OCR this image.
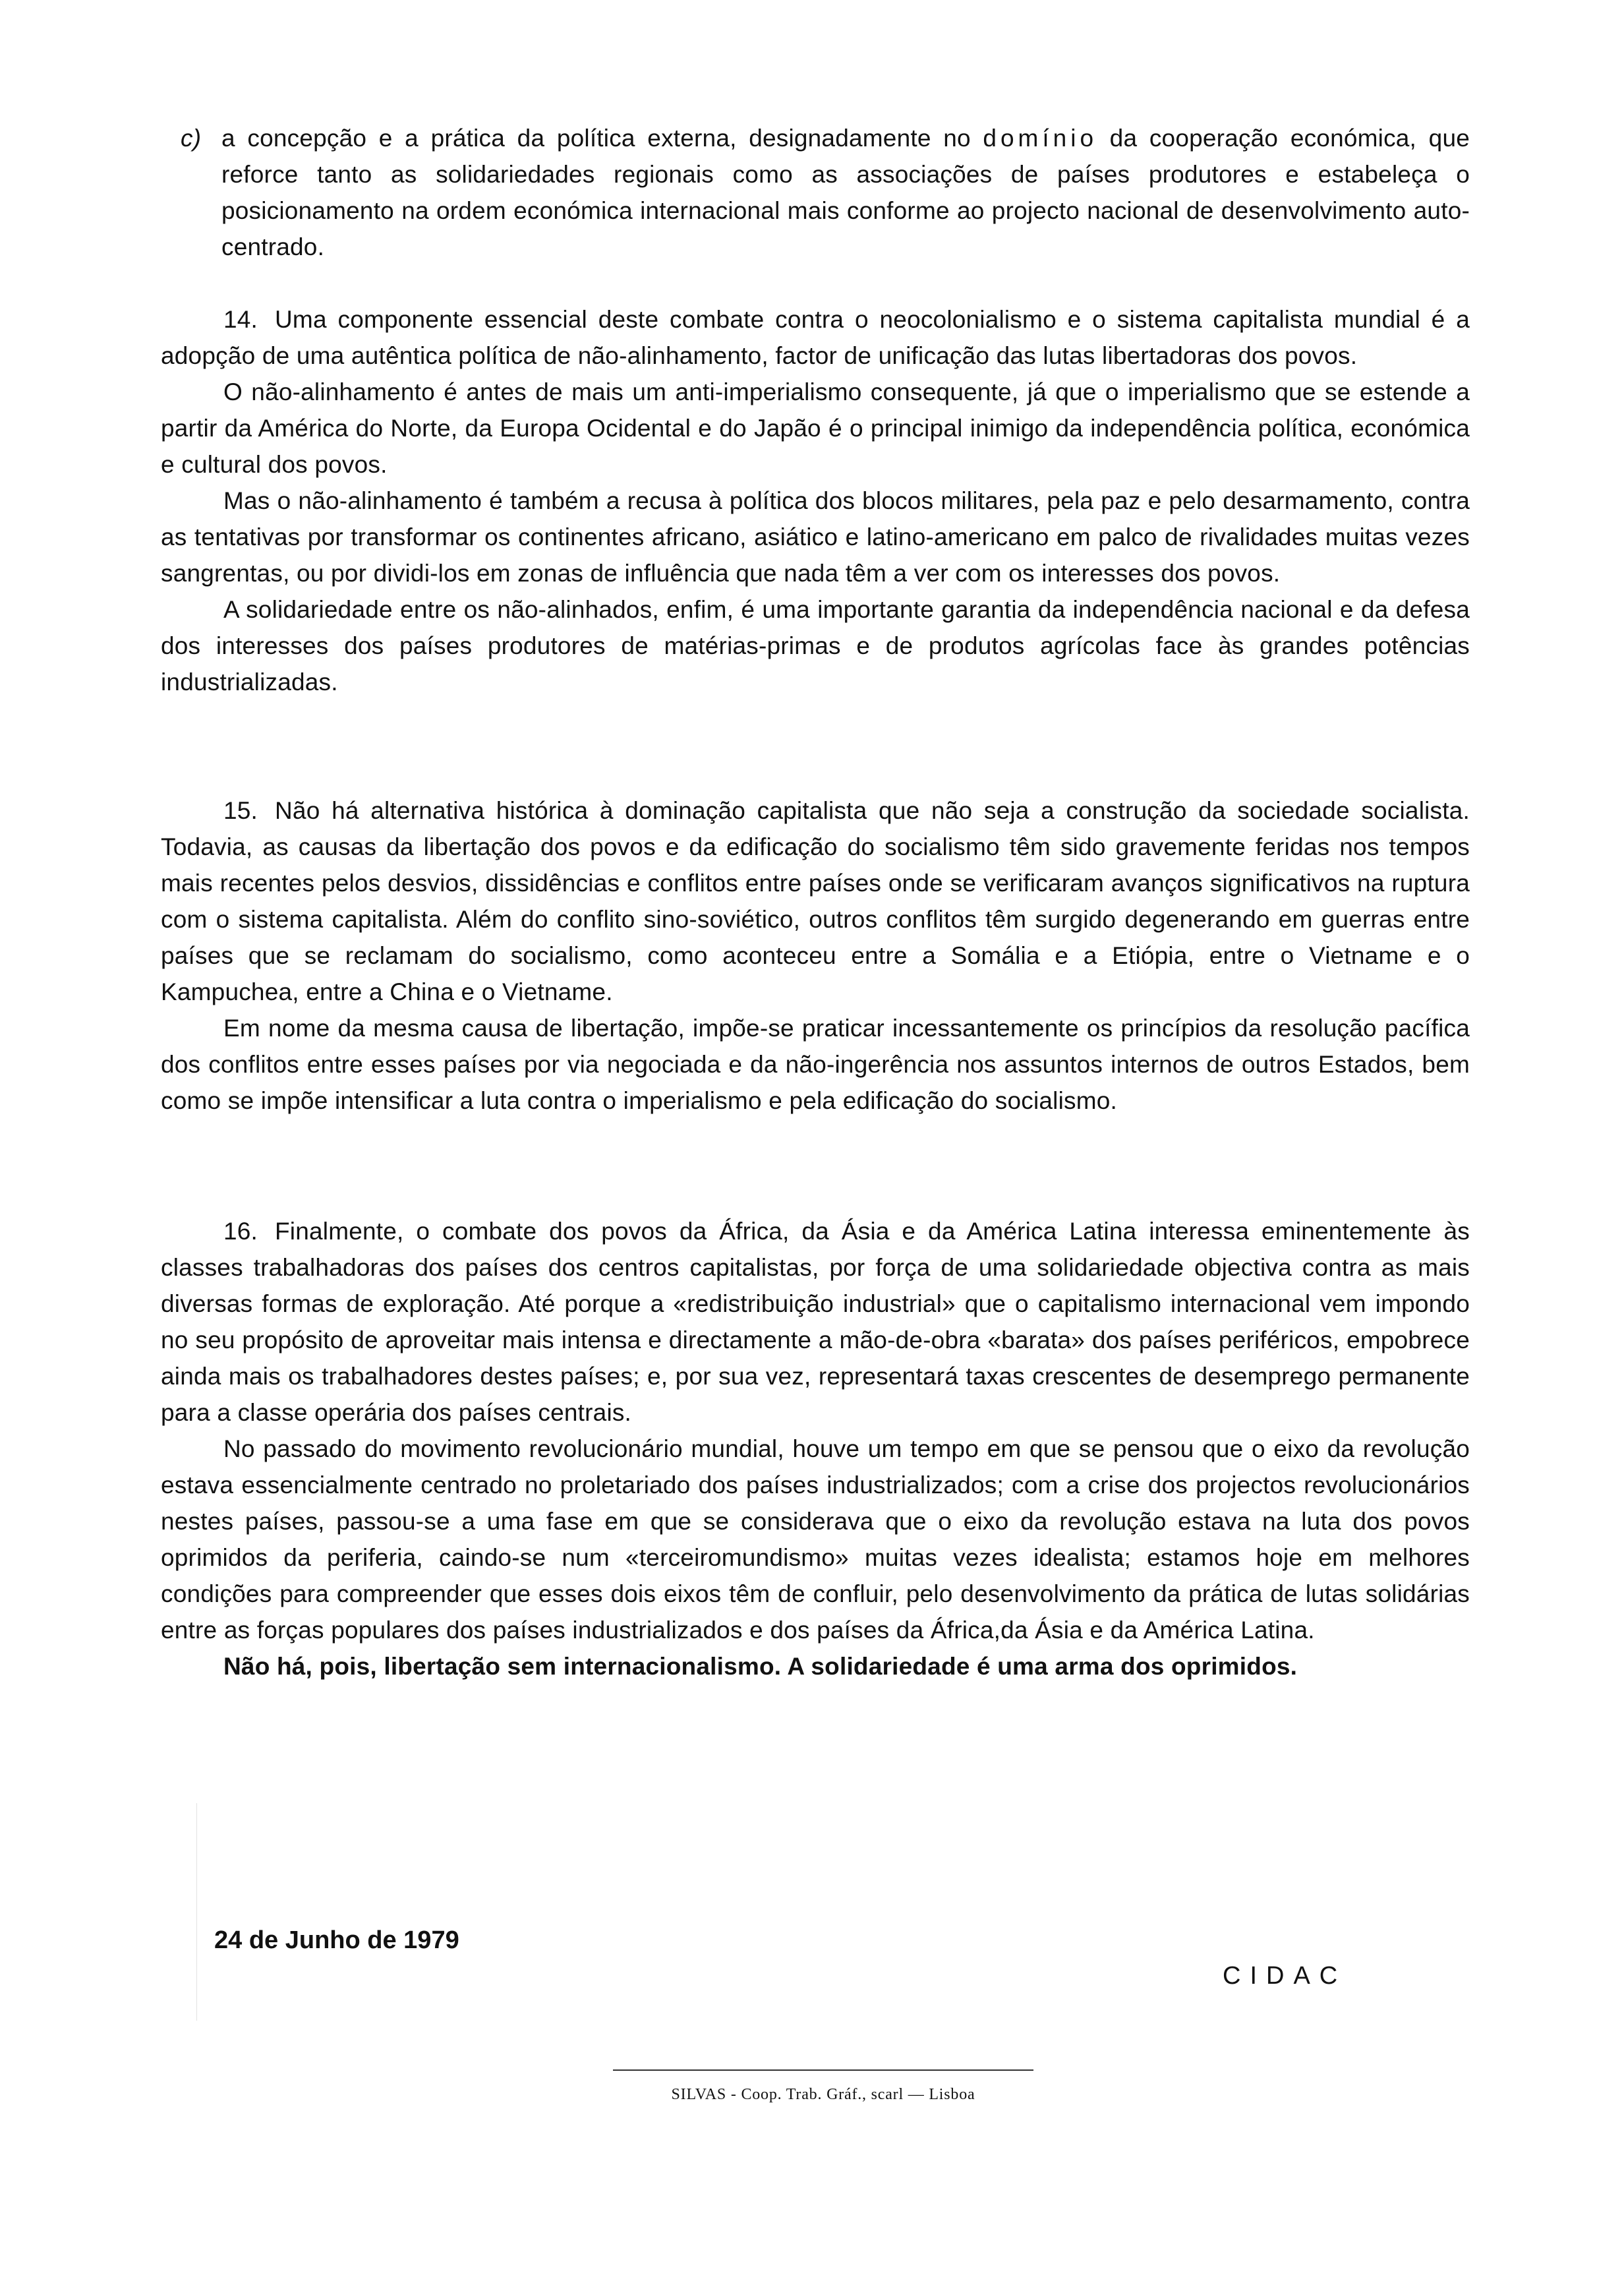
c) a concepção e a prática da política externa, designadamente no domínio da cooperação económica, que reforce tanto as solidariedades regionais como as associações de países produtores e estabeleça o posicionamento na ordem económica internacional mais conforme ao projecto nacional de desenvolvimento auto-centrado.

14. Uma componente essencial deste combate contra o neocolonialismo e o sistema capitalista mundial é a adopção de uma autêntica política de não-alinhamento, factor de unificação das lutas libertadoras dos povos.

O não-alinhamento é antes de mais um anti-imperialismo consequente, já que o imperialismo que se estende a partir da América do Norte, da Europa Ocidental e do Japão é o principal inimigo da independência política, económica e cultural dos povos.

Mas o não-alinhamento é também a recusa à política dos blocos militares, pela paz e pelo desarmamento, contra as tentativas por transformar os continentes africano, asiático e latino-americano em palco de rivalidades muitas vezes sangrentas, ou por dividi-los em zonas de influência que nada têm a ver com os interesses dos povos.

A solidariedade entre os não-alinhados, enfim, é uma importante garantia da independência nacional e da defesa dos interesses dos países produtores de matérias-primas e de produtos agrícolas face às grandes potências industrializadas.

15. Não há alternativa histórica à dominação capitalista que não seja a construção da sociedade socialista. Todavia, as causas da libertação dos povos e da edificação do socialismo têm sido gravemente feridas nos tempos mais recentes pelos desvios, dissidências e conflitos entre países onde se verificaram avanços significativos na ruptura com o sistema capitalista. Além do conflito sino-soviético, outros conflitos têm surgido degenerando em guerras entre países que se reclamam do socialismo, como aconteceu entre a Somália e a Etiópia, entre o Vietname e o Kampuchea, entre a China e o Vietname.

Em nome da mesma causa de libertação, impõe-se praticar incessantemente os princípios da resolução pacífica dos conflitos entre esses países por via negociada e da não-ingerência nos assuntos internos de outros Estados, bem como se impõe intensificar a luta contra o imperialismo e pela edificação do socialismo.

16. Finalmente, o combate dos povos da África, da Ásia e da América Latina interessa eminentemente às classes trabalhadoras dos países dos centros capitalistas, por força de uma solidariedade objectiva contra as mais diversas formas de exploração. Até porque a «redistribuição industrial» que o capitalismo internacional vem impondo no seu propósito de aproveitar mais intensa e directamente a mão-de-obra «barata» dos países periféricos, empobrece ainda mais os trabalhadores destes países; e, por sua vez, representará taxas crescentes de desemprego permanente para a classe operária dos países centrais.

No passado do movimento revolucionário mundial, houve um tempo em que se pensou que o eixo da revolução estava essencialmente centrado no proletariado dos países industrializados; com a crise dos projectos revolucionários nestes países, passou-se a uma fase em que se considerava que o eixo da revolução estava na luta dos povos oprimidos da periferia, caindo-se num «terceiromundismo» muitas vezes idealista; estamos hoje em melhores condições para compreender que esses dois eixos têm de confluir, pelo desenvolvimento da prática de lutas solidárias entre as forças populares dos países industrializados e dos países da África,da Ásia e da América Latina.

Não há, pois, libertação sem internacionalismo. A solidariedade é uma arma dos oprimidos.

24 de Junho de 1979
CIDAC
SILVAS - Coop. Trab. Gráf., scarl — Lisboa
